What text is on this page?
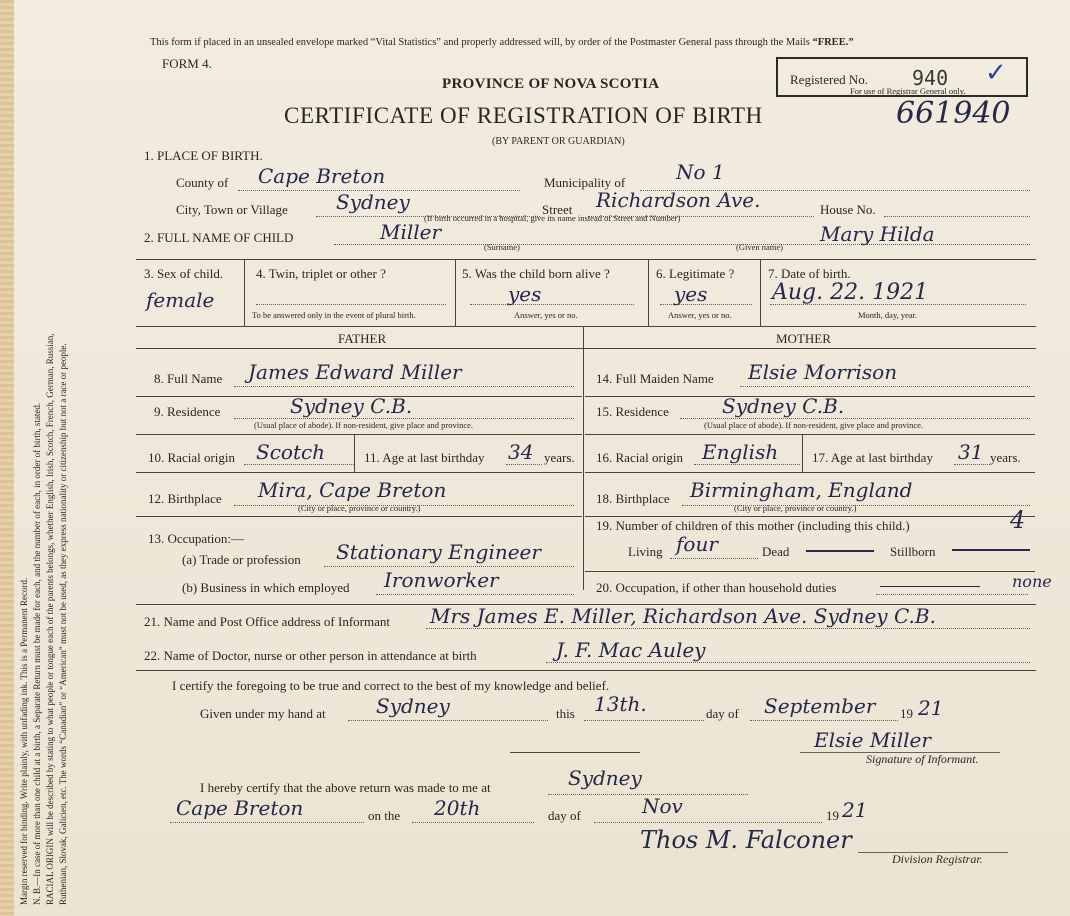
Margin reserved for binding. Write plainly, with unfading ink. This is a Permanent Record. N. B.—In case of more than one child at a birth, a Separate Return must be made for each, and the number of each, in order of birth, stated. RACIAL ORIGIN will be described by stating to what people or tongue each of the parents belongs, whether English, Irish, Scotch, French, German, Russian, Ruthenian, Slovak, Galicien, etc. The words “Canadian” or “American” must not be used, as they express nationality or citizenship but not a race or people.
This form if placed in an unsealed envelope marked “Vital Statistics” and properly addressed will, by order of the Postmaster General pass through the Mails “FREE.”
FORM 4.
PROVINCE OF NOVA SCOTIA
CERTIFICATE OF REGISTRATION OF BIRTH	661940
(BY PARENT OR GUARDIAN)
Registered No. 940
For use of Registrar General only.
✓
1. PLACE OF BIRTH.
County of Cape Breton	Municipality of	No 1
City, Town or Village Sydney	Street Richardson Ave.	House No.
(If birth occurred in a hospital, give its name instead of Street and Number)
2. FULL NAME OF CHILD	Miller
(Surname)
Mary Hilda
(Given name)
3. Sex of child.
female
4. Twin, triplet or other ?
To be answered only in the event of plural birth.
5. Was the child born alive ?
yes
Answer, yes or no.
6. Legitimate ?
yes
Answer, yes or no.
7. Date of birth.
Aug. 22. 1921
Month, day, year.
FATHER	MOTHER
8. Full Name James Edward Miller
9. Residence	Sydney C.B.
(Usual place of abode). If non-resident, give place and province.
10. Racial origin Scotch	11. Age at last birthday 34 years.
12. Birthplace Mira, Cape Breton
(City or place, province or country.)
13. Occupation:—
(a) Trade or profession Stationary Engineer
(b) Business in which employed Ironworker
14. Full Maiden Name Elsie Morrison
15. Residence	Sydney C.B.
(Usual place of abode). If non-resident, give place and province.
16. Racial origin English	17. Age at last birthday 31 years.
18. Birthplace Birmingham, England
(City or place, province or country.)
19. Number of children of this mother (including this child.)	4
Living four	Dead	Stillborn
20. Occupation, if other than household duties	none
21. Name and Post Office address of Informant Mrs James E. Miller, Richardson Ave. Sydney C.B.
22. Name of Doctor, nurse or other person in attendance at birth	J. F. Mac Auley
I certify the foregoing to be true and correct to the best of my knowledge and belief.
Given under my hand at	Sydney	this 13th.	day of September 19 21
Elsie Miller
Signature of Informant.
I hereby certify that the above return was made to me at	Sydney
Cape Breton	on the 20th	day of	Nov	19 21
Thos M. Falconer
Division Registrar.
